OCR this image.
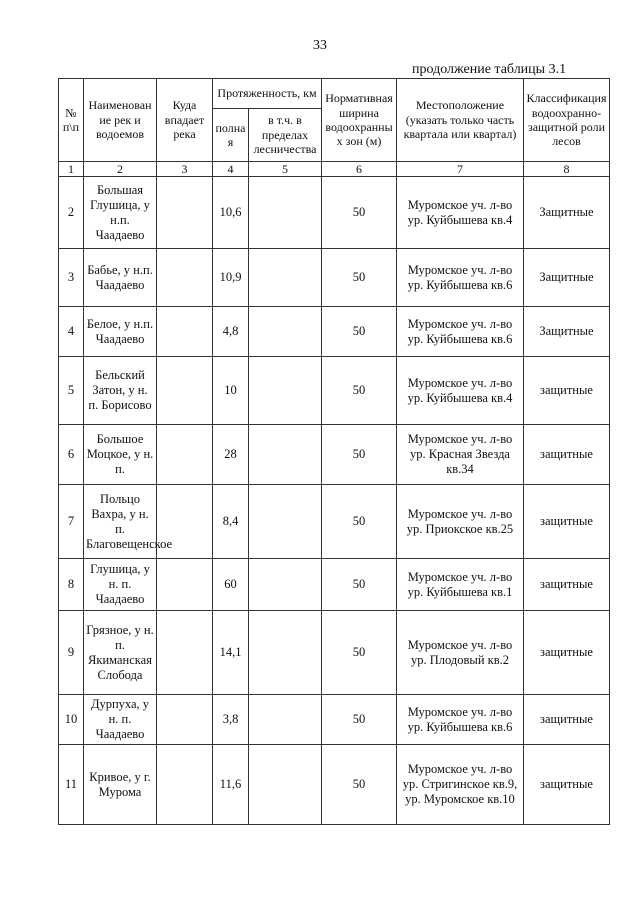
33
продолжение таблицы 3.1
№ п\п	Наименование рек и водоемов	Куда впадает река	Протяженность, км		Нормативная ширина водоохранных зон (м)	Местоположение (указать только часть квартала или квартал)	Классификация водоохранно-защитной роли лесов
			полная	в т.ч. в пределах лесничества			
1	2	3	4	5	6	7	8
2	Большая Глушица, у н.п. Чаадаево		10,6		50	Муромское уч. л-во ур. Куйбышева кв.4	Защитные
3	Бабье, у н.п. Чаадаево		10,9		50	Муромское уч. л-во ур. Куйбышева кв.6	Защитные
4	Белое, у н.п. Чаадаево		4,8		50	Муромское уч. л-во ур. Куйбышева кв.6	Защитные
5	Бельский Затон, у н. п. Борисово		10		50	Муромское уч. л-во ур. Куйбышева кв.4	защитные
6	Большое Моцкое, у н. п.		28		50	Муромское уч. л-во ур. Красная Звезда кв.34	защитные
7	Польцо Вахра, у н. п. Благовещенское		8,4		50	Муромское уч. л-во ур. Приокское кв.25	защитные
8	Глушица, у н. п. Чаадаево		60		50	Муромское уч. л-во ур. Куйбышева кв.1	защитные
9	Грязное, у н. п. Якиманская Слобода		14,1		50	Муромское уч. л-во ур. Плодовый кв.2	защитные
10	Дурпуха, у н. п. Чаадаево		3,8		50	Муромское уч. л-во ур. Куйбышева кв.6	защитные
11	Кривое, у г. Мурома		11,6		50	Муромское уч. л-во ур. Стригинское кв.9, ур. Муромское кв.10	защитные
